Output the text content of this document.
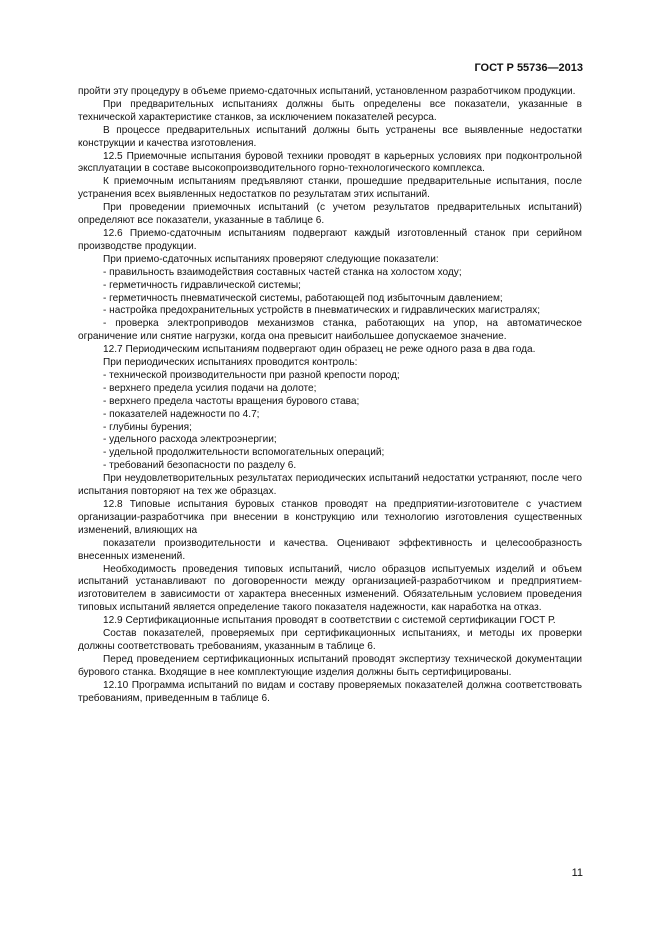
ГОСТ Р 55736—2013

пройти эту процедуру в объеме приемо-сдаточных испытаний, установленном разработчиком продукции.

При предварительных испытаниях должны быть определены все показатели, указанные в технической характеристике станков, за исключением показателей ресурса.

В процессе предварительных испытаний должны быть устранены все выявленные недостатки конструкции и качества изготовления.

12.5 Приемочные испытания буровой техники проводят в карьерных условиях при подконтрольной эксплуатации в составе высокопроизводительного горно-технологического комплекса.

К приемочным испытаниям предъявляют станки, прошедшие предварительные испытания, после устранения всех выявленных недостатков по результатам этих испытаний.

При проведении приемочных испытаний (с учетом результатов предварительных испытаний) определяют все показатели, указанные в таблице 6.

12.6 Приемо-сдаточным испытаниям подвергают каждый изготовленный станок при серийном производстве продукции.

При приемо-сдаточных испытаниях проверяют следующие показатели:

- правильность взаимодействия составных частей станка на холостом ходу;

- герметичность гидравлической системы;

- герметичность пневматической системы, работающей под избыточным давлением;

- настройка предохранительных устройств в пневматических и гидравлических магистралях;

- проверка электроприводов механизмов станка, работающих на упор, на автоматическое ограничение или снятие нагрузки, когда она превысит наибольшее допускаемое значение.

12.7 Периодическим испытаниям подвергают один образец не реже одного раза в два года.

При периодических испытаниях проводится контроль:

- технической производительности при разной крепости пород;

- верхнего предела усилия подачи на долоте;

- верхнего предела частоты вращения бурового става;

- показателей надежности по 4.7;

- глубины бурения;

- удельного расхода электроэнергии;

- удельной продолжительности вспомогательных операций;

- требований безопасности по разделу 6.

При неудовлетворительных результатах периодических испытаний недостатки устраняют, после чего испытания повторяют на тех же образцах.

12.8 Типовые испытания буровых станков проводят на предприятии-изготовителе с участием организации-разработчика при внесении в конструкцию или технологию изготовления существенных изменений, влияющих на

показатели производительности и качества. Оценивают эффективность и целесообразность внесенных изменений.

Необходимость проведения типовых испытаний, число образцов испытуемых изделий и объем испытаний устанавливают по договоренности между организацией-разработчиком и предприятием-изготовителем в зависимости от характера внесенных изменений. Обязательным условием проведения типовых испытаний является определение такого показателя надежности, как наработка на отказ.

12.9 Сертификационные испытания проводят в соответствии с системой сертификации ГОСТ Р.

Состав показателей, проверяемых при сертификационных испытаниях, и методы их проверки должны соответствовать требованиям, указанным в таблице 6.

Перед проведением сертификационных испытаний проводят экспертизу технической документации бурового станка. Входящие в нее комплектующие изделия должны быть сертифицированы.

12.10 Программа испытаний по видам и составу проверяемых показателей должна соответствовать требованиям, приведенным в таблице 6.

11
